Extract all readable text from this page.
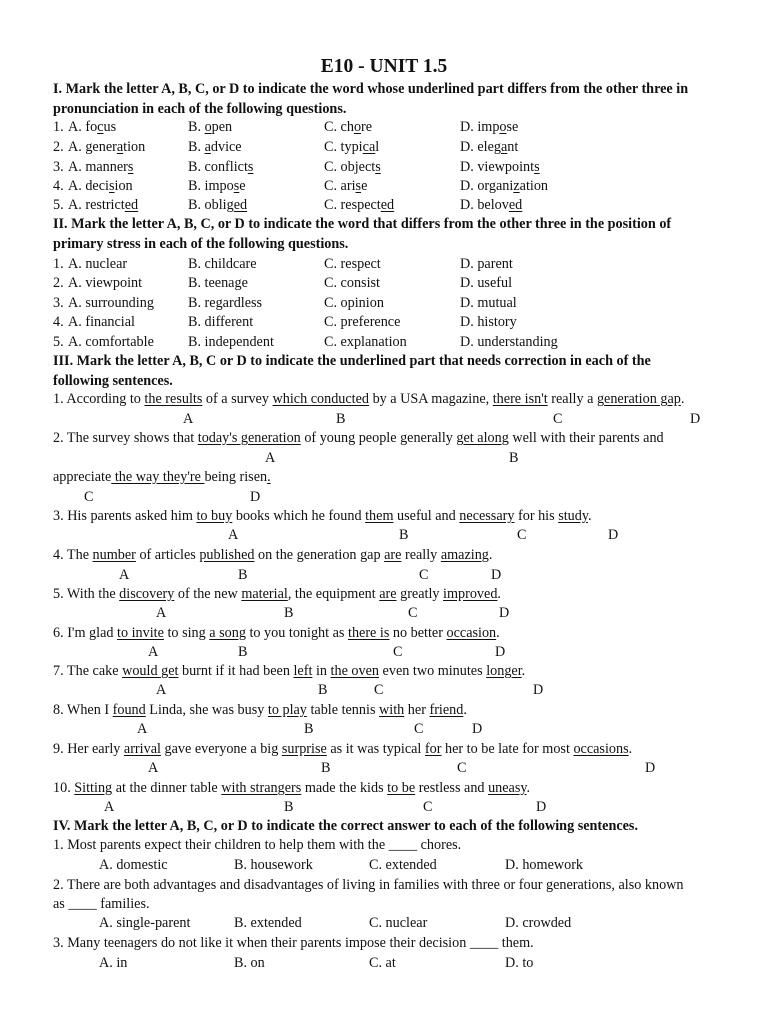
E10 - UNIT 1.5
I. Mark the letter A, B, C, or D to indicate the word whose underlined part differs from the other three in
pronunciation in each of the following questions.
II. Mark the letter A, B, C, or D to indicate the word that differs from the other three in the position of
primary stress in each of the following questions.
III. Mark the letter A, B, C or D to indicate the underlined part that needs correction in each of the
following sentences.
IV. Mark the letter A, B, C, or D to indicate the correct answer to each of the following sentences.
1. Most parents expect their children to help them with the ____ chores.
A. domestic	B. housework	C. extended	D. homework
2. There are both advantages and disadvantages of living in families with three or four generations, also known
as ____ families.
A. single-parent	B. extended	C. nuclear	D. crowded
3. Many teenagers do not like it when their parents impose their decision ____ them.
A. in	B. on	C. at	D. to
1. A. focus	B. open	C. chore	D. impose
2. A. generation	B. advice	C. typical	D. elegant
3. A. manners	B. conflicts	C. objects	D. viewpoints
4. A. decision	B. impose	C. arise	D. organization
5. A. restricted	B. obliged	C. respected	D. beloved
1. A. nuclear	B. childcare	C. respect	D. parent
2. A. viewpoint	B. teenage	C. consist	D. useful
3. A. surrounding B. regardless	C. opinion	D. mutual
4. A. financial	B. different	C. preference	D. history
5. A. comfortable B. independent	C. explanation	D. understanding
1. According to the results of a survey which conducted by a USA magazine, there isn't really a generation gap.
A	B	C	D
2. The survey shows that today's generation of young people generally get along well with their parents and
A	B
appreciate the way they're being risen.
C	D
3. His parents asked him to buy books which he found them useful and necessary for his study.
A	B	C	D
4. The number of articles published on the generation gap are really amazing.
A	B	C	D
5. With the discovery of the new material, the equipment are greatly improved.
A	B	C	D
6. I'm glad to invite to sing a song to you tonight as there is no better occasion.
A	B	C	D
7. The cake would get burnt if it had been left in the oven even two minutes longer.
A	B	C	D
8. When I found Linda, she was busy to play table tennis with her friend.
A	B	C	D
9. Her early arrival gave everyone a big surprise as it was typical for her to be late for most occasions.
A	B	C	D
10. Sitting at the dinner table with strangers made the kids to be restless and uneasy.
A	B	C	D
